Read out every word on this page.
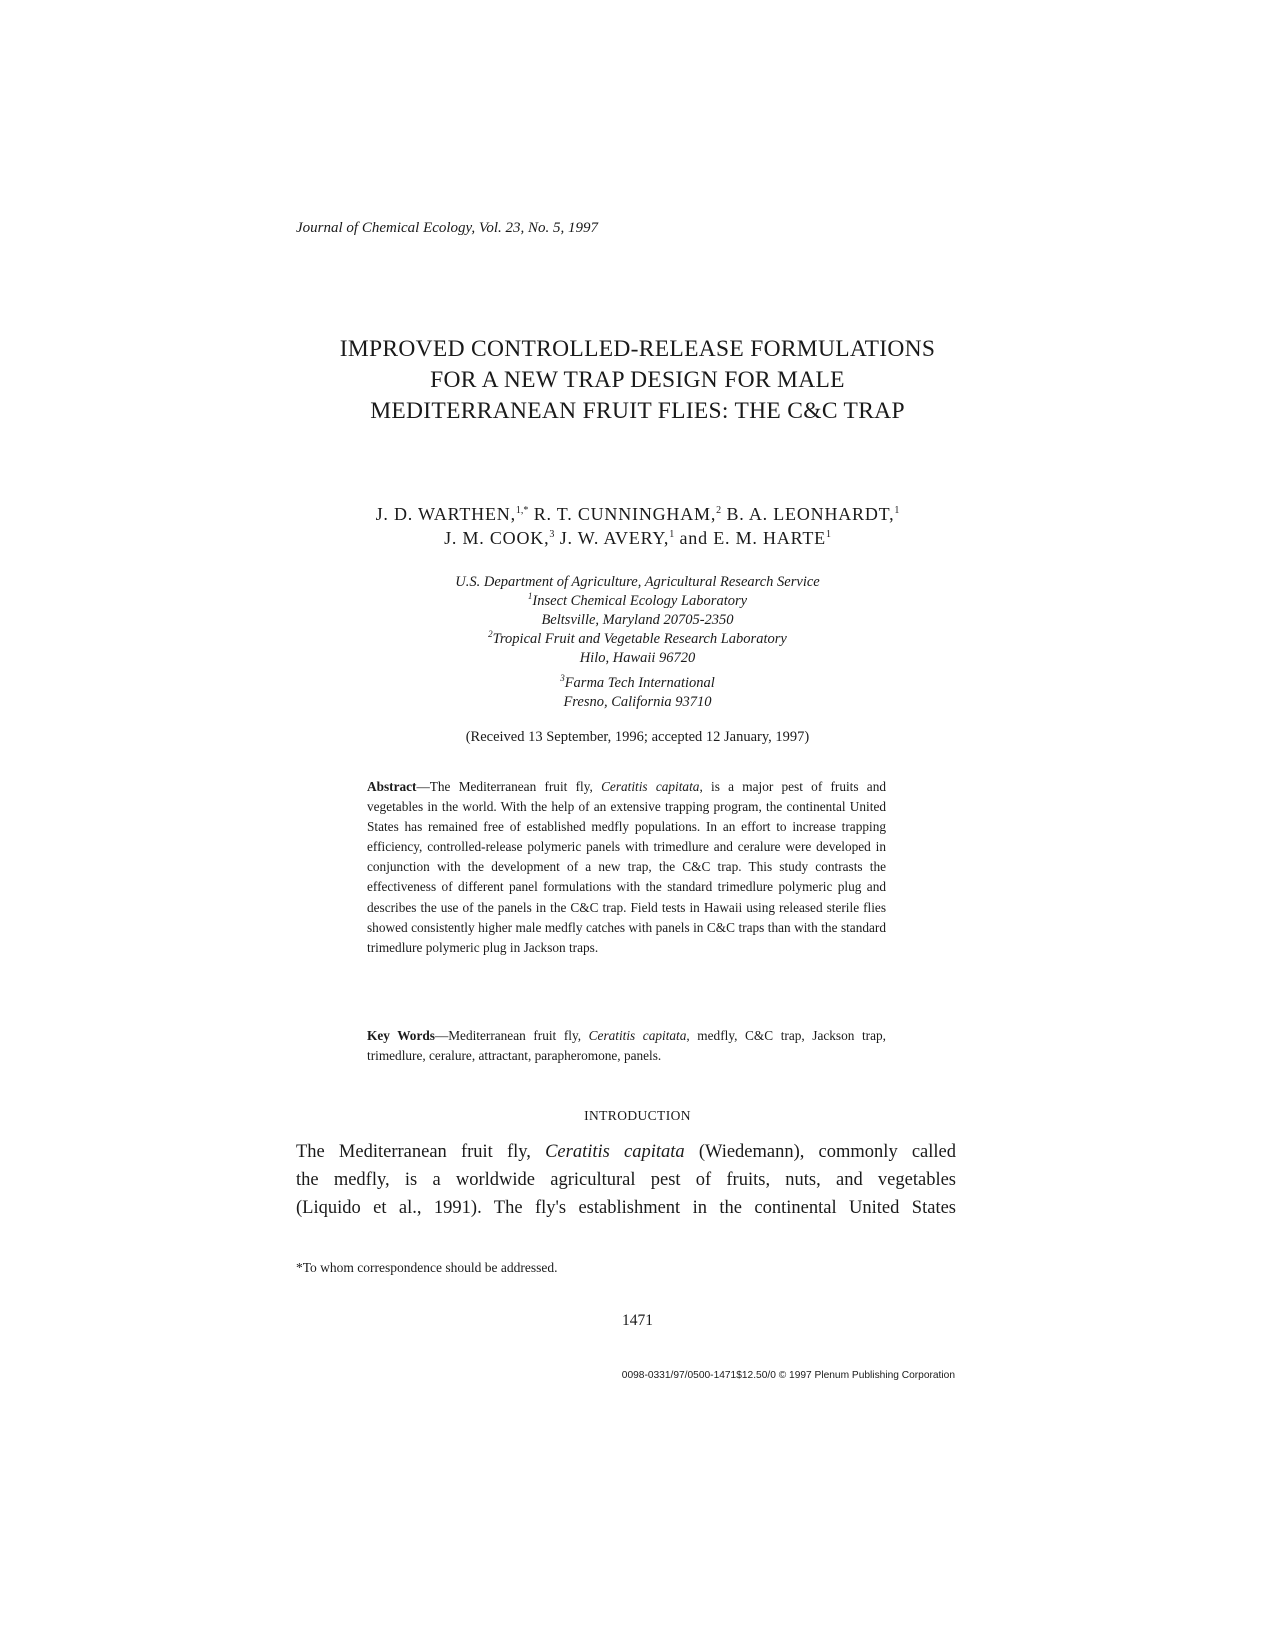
Journal of Chemical Ecology, Vol. 23, No. 5, 1997
IMPROVED CONTROLLED-RELEASE FORMULATIONS
FOR A NEW TRAP DESIGN FOR MALE
MEDITERRANEAN FRUIT FLIES: THE C&C TRAP
J. D. WARTHEN,$^{1,*}$ R. T. CUNNINGHAM,$^2$ B. A. LEONHARDT,$^1$
J. M. COOK,$^3$ J. W. AVERY,$^1$ and E. M. HARTE$^1$
U.S. Department of Agriculture, Agricultural Research Service
$^1$Insect Chemical Ecology Laboratory
Beltsville, Maryland 20705-2350
$^2$Tropical Fruit and Vegetable Research Laboratory
Hilo, Hawaii 96720
$^3$Farma Tech International
Fresno, California 93710
(Received 13 September, 1996; accepted 12 January, 1997)
Abstract—The Mediterranean fruit fly, Ceratitis capitata, is a major pest of fruits and vegetables in the world. With the help of an extensive trapping program, the continental United States has remained free of established medfly populations. In an effort to increase trapping efficiency, controlled-release polymeric panels with trimedlure and ceralure were developed in conjunction with the development of a new trap, the C&C trap. This study contrasts the effectiveness of different panel formulations with the standard trimedlure polymeric plug and describes the use of the panels in the C&C trap. Field tests in Hawaii using released sterile flies showed consistently higher male medfly catches with panels in C&C traps than with the standard trimedlure polymeric plug in Jackson traps.
Key Words—Mediterranean fruit fly, Ceratitis capitata, medfly, C&C trap, Jackson trap, trimedlure, ceralure, attractant, parapheromone, panels.
INTRODUCTION
The Mediterranean fruit fly, Ceratitis capitata (Wiedemann), commonly called
the medfly, is a worldwide agricultural pest of fruits, nuts, and vegetables
(Liquido et al., 1991). The fly's establishment in the continental United States
*To whom correspondence should be addressed.
1471
0098-0331/97/0500-1471$12.50/0 © 1997 Plenum Publishing Corporation
